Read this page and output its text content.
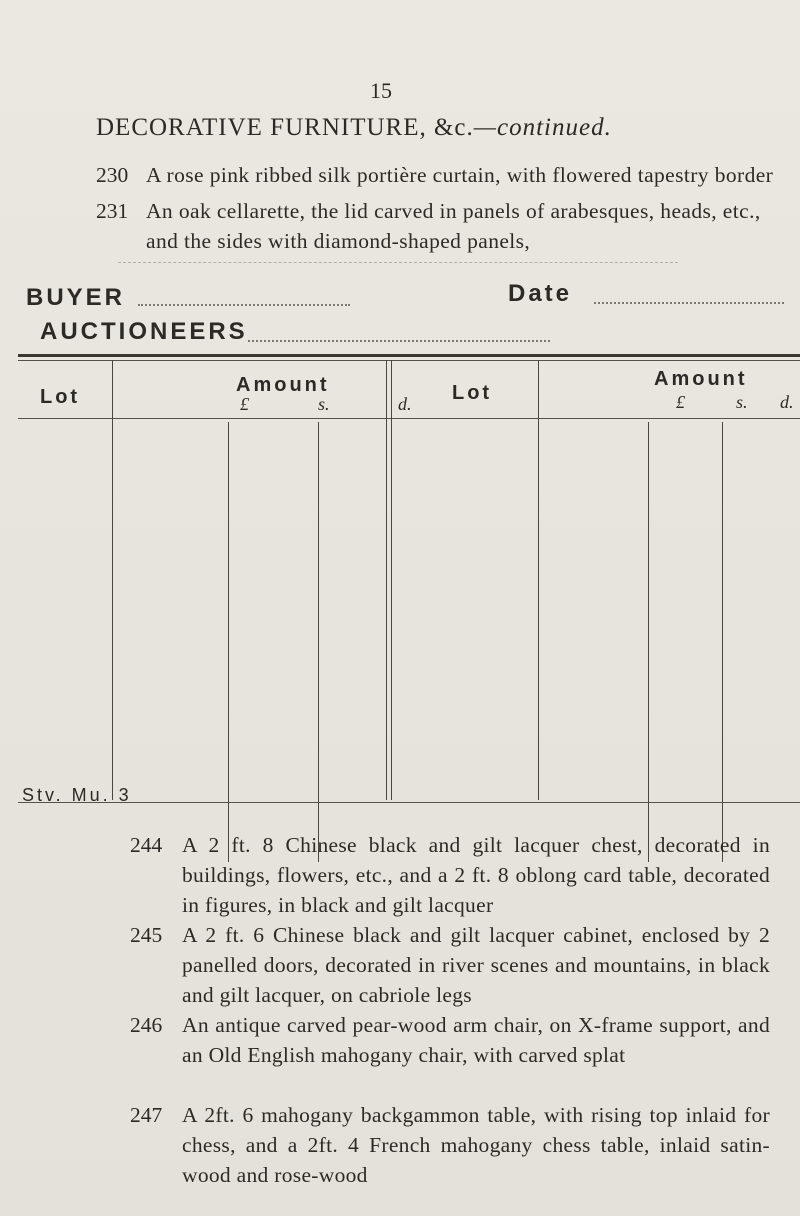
15
DECORATIVE FURNITURE, &c.—continued.
230 A rose pink ribbed silk portière curtain, with flowered tapestry border
231 An oak cellarette, the lid carved in panels of arabesques, heads, etc., and the sides with diamond-shaped panels,
BUYER	Date
AUCTIONEERS
Lot
Amount
£	s.	d. Lot
Amount
£	s. d.
Stv. Mu. 3
244 A 2 ft. 8 Chinese black and gilt lacquer chest, decorated in buildings, flowers, etc., and a 2 ft. 8 oblong card table, decorated in figures, in black and gilt lacquer
245 A 2 ft. 6 Chinese black and gilt lacquer cabinet, enclosed by 2 panelled doors, decorated in river scenes and mountains, in black and gilt lacquer, on cabriole legs
246 An antique carved pear-wood arm chair, on X-frame support, and an Old English mahogany chair, with carved splat
247 A 2ft. 6 mahogany backgammon table, with rising top inlaid for chess, and a 2ft. 4 French mahogany chess table, inlaid satin-wood and rose-wood
